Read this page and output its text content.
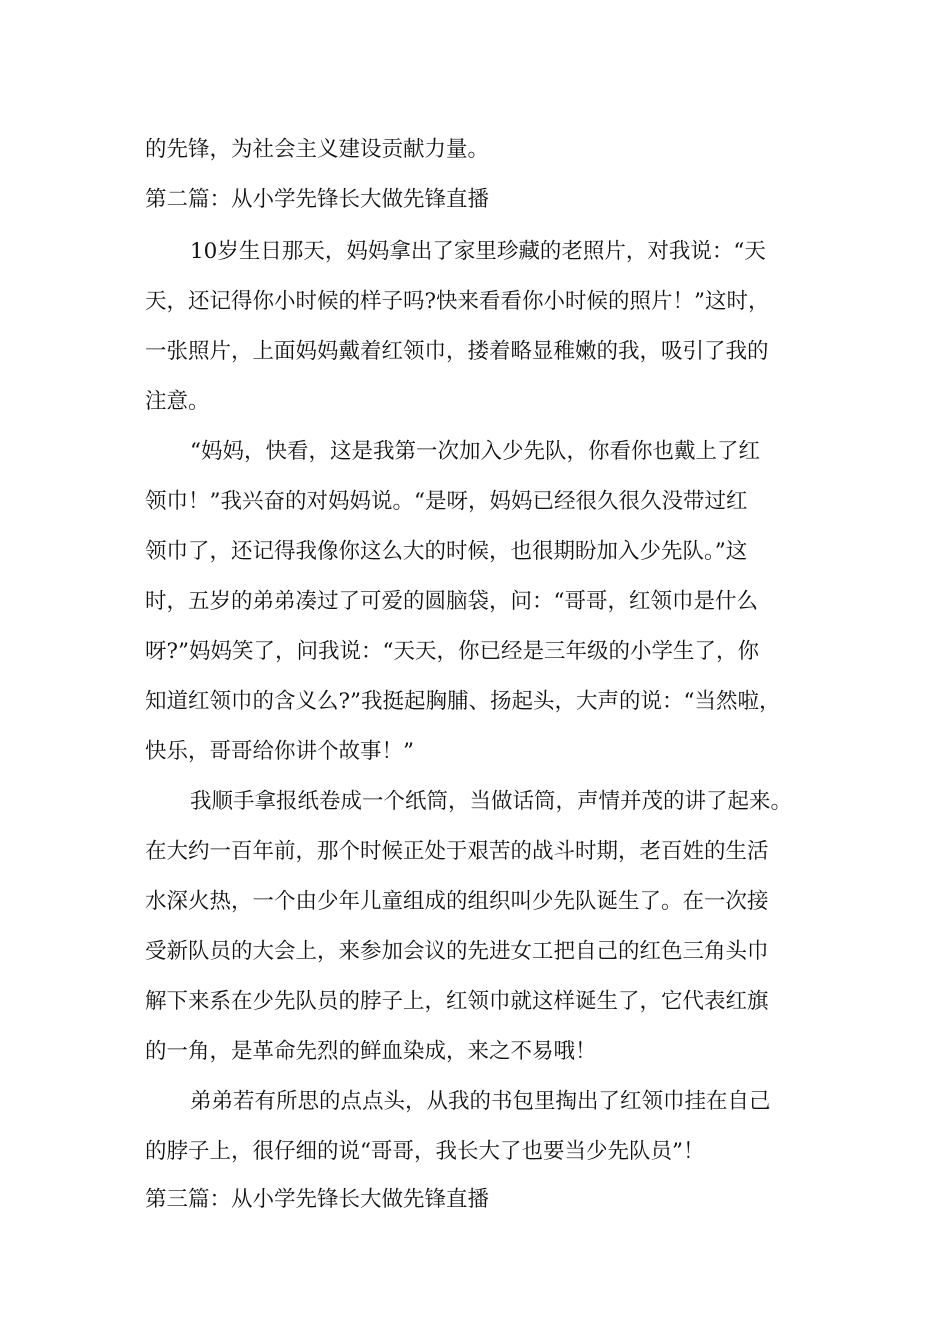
的先锋，为社会主义建设贡献力量。
第二篇：从小学先锋长大做先锋直播
10岁生日那天，妈妈拿出了家里珍藏的老照片，对我说：“天
天，还记得你小时候的样子吗?快来看看你小时候的照片！”这时，
一张照片，上面妈妈戴着红领巾，搂着略显稚嫩的我，吸引了我的
注意。
“妈妈，快看，这是我第一次加入少先队，你看你也戴上了红
领巾！”我兴奋的对妈妈说。“是呀，妈妈已经很久很久没带过红
领巾了，还记得我像你这么大的时候，也很期盼加入少先队。”这
时，五岁的弟弟凑过了可爱的圆脑袋，问：“哥哥，红领巾是什么
呀?”妈妈笑了，问我说：“天天，你已经是三年级的小学生了，你
知道红领巾的含义么?”我挺起胸脯、扬起头，大声的说：“当然啦，
快乐，哥哥给你讲个故事！”
我顺手拿报纸卷成一个纸筒，当做话筒，声情并茂的讲了起来。
在大约一百年前，那个时候正处于艰苦的战斗时期，老百姓的生活
水深火热，一个由少年儿童组成的组织叫少先队诞生了。在一次接
受新队员的大会上，来参加会议的先进女工把自己的红色三角头巾
解下来系在少先队员的脖子上，红领巾就这样诞生了，它代表红旗
的一角，是革命先烈的鲜血染成，来之不易哦！
弟弟若有所思的点点头，从我的书包里掏出了红领巾挂在自己
的脖子上，很仔细的说“哥哥，我长大了也要当少先队员”！
第三篇：从小学先锋长大做先锋直播
